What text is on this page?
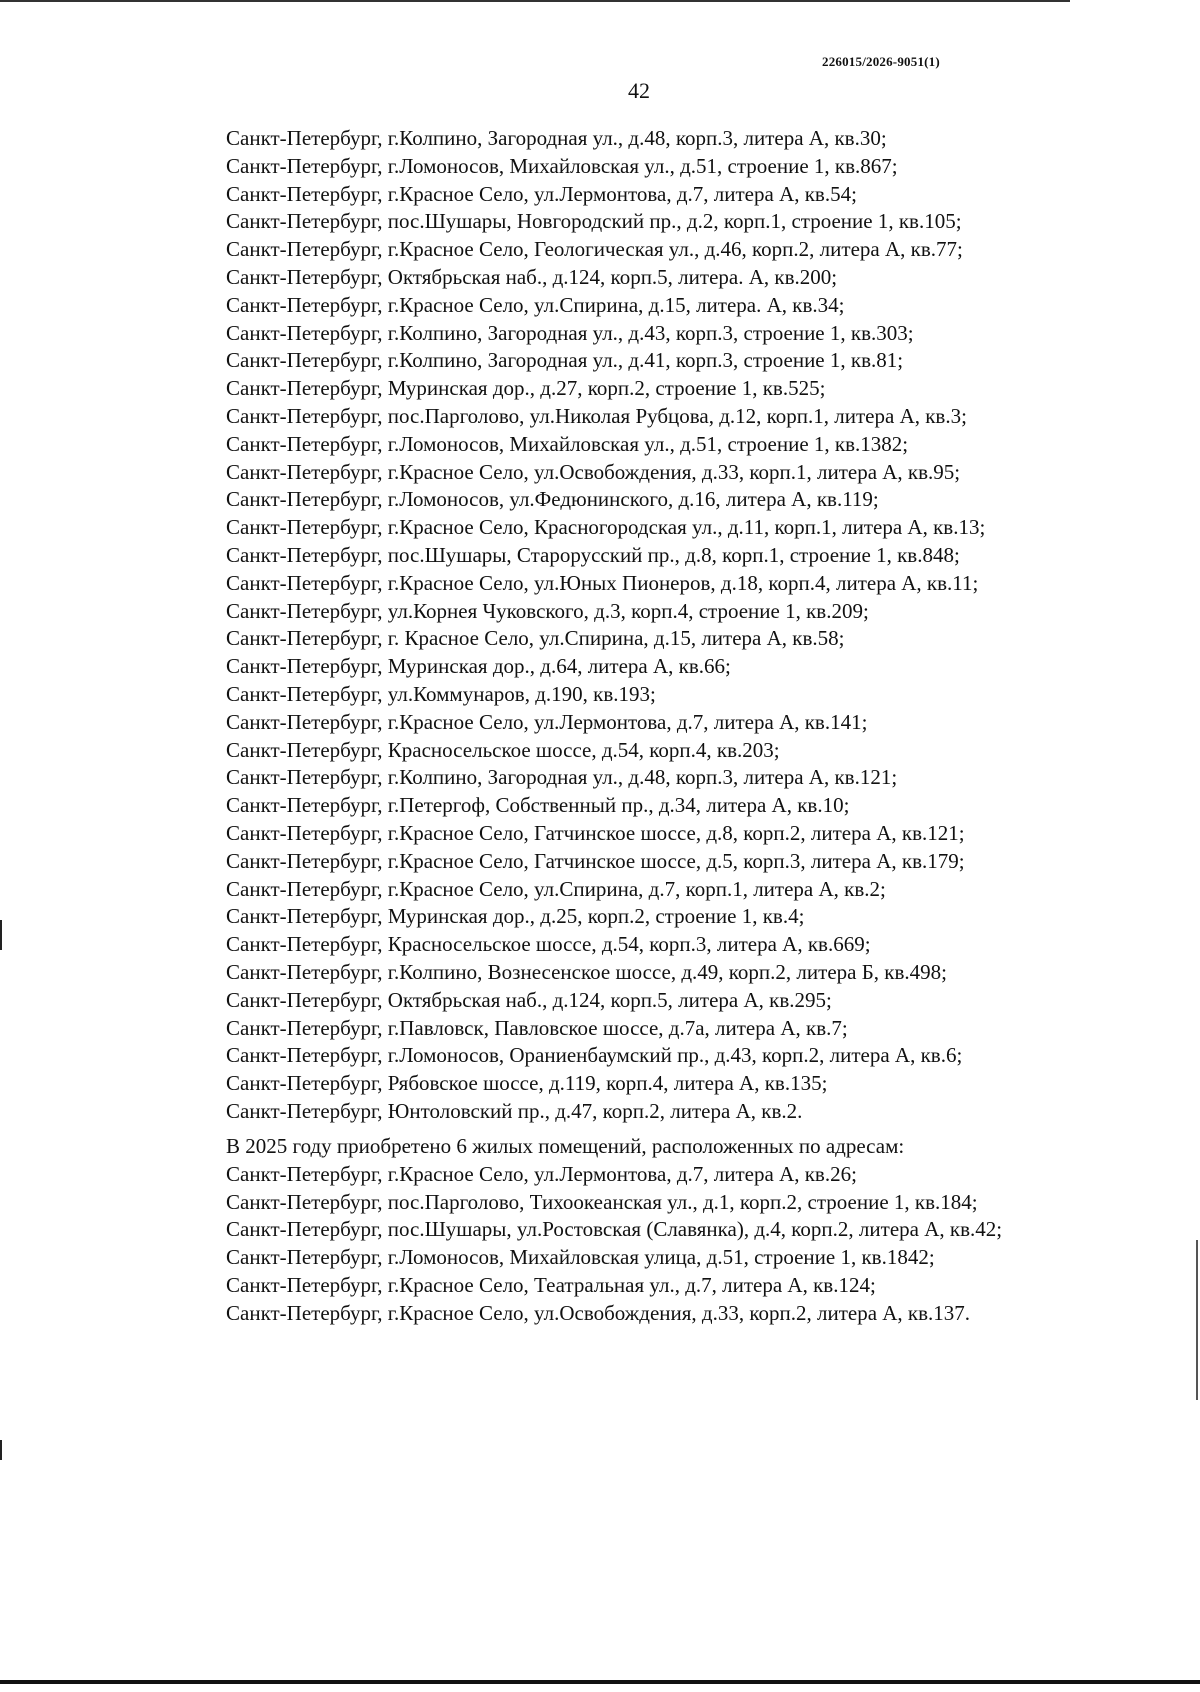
226015/2026-9051(1)
42
Санкт-Петербург, г.Колпино, Загородная ул., д.48, корп.3, литера А, кв.30;
Санкт-Петербург, г.Ломоносов, Михайловская ул., д.51, строение 1, кв.867;
Санкт-Петербург, г.Красное Село, ул.Лермонтова, д.7, литера А, кв.54;
Санкт-Петербург, пос.Шушары, Новгородский пр., д.2, корп.1, строение 1, кв.105;
Санкт-Петербург, г.Красное Село, Геологическая ул., д.46, корп.2, литера А, кв.77;
Санкт-Петербург, Октябрьская наб., д.124, корп.5, литера. А, кв.200;
Санкт-Петербург, г.Красное Село, ул.Спирина, д.15, литера. А, кв.34;
Санкт-Петербург, г.Колпино, Загородная ул., д.43, корп.3, строение 1, кв.303;
Санкт-Петербург, г.Колпино, Загородная ул., д.41, корп.3, строение 1, кв.81;
Санкт-Петербург, Муринская дор., д.27, корп.2, строение 1, кв.525;
Санкт-Петербург, пос.Парголово, ул.Николая Рубцова, д.12, корп.1, литера А, кв.3;
Санкт-Петербург, г.Ломоносов, Михайловская ул., д.51, строение 1, кв.1382;
Санкт-Петербург, г.Красное Село, ул.Освобождения, д.33, корп.1, литера А, кв.95;
Санкт-Петербург, г.Ломоносов, ул.Федюнинского, д.16, литера А, кв.119;
Санкт-Петербург, г.Красное Село, Красногородская ул., д.11, корп.1, литера А, кв.13;
Санкт-Петербург, пос.Шушары, Старорусский пр., д.8, корп.1, строение 1, кв.848;
Санкт-Петербург, г.Красное Село, ул.Юных Пионеров, д.18, корп.4, литера А, кв.11;
Санкт-Петербург, ул.Корнея Чуковского, д.3, корп.4, строение 1, кв.209;
Санкт-Петербург, г. Красное Село, ул.Спирина, д.15, литера А, кв.58;
Санкт-Петербург, Муринская дор., д.64, литера А, кв.66;
Санкт-Петербург, ул.Коммунаров, д.190, кв.193;
Санкт-Петербург, г.Красное Село, ул.Лермонтова, д.7, литера А, кв.141;
Санкт-Петербург, Красносельское шоссе, д.54, корп.4, кв.203;
Санкт-Петербург, г.Колпино, Загородная ул., д.48, корп.3, литера А, кв.121;
Санкт-Петербург, г.Петергоф, Собственный пр., д.34, литера А, кв.10;
Санкт-Петербург, г.Красное Село, Гатчинское шоссе, д.8, корп.2, литера А, кв.121;
Санкт-Петербург, г.Красное Село, Гатчинское шоссе, д.5, корп.3, литера А, кв.179;
Санкт-Петербург, г.Красное Село, ул.Спирина, д.7, корп.1, литера А, кв.2;
Санкт-Петербург, Муринская дор., д.25, корп.2, строение 1, кв.4;
Санкт-Петербург, Красносельское шоссе, д.54, корп.3, литера А, кв.669;
Санкт-Петербург, г.Колпино, Вознесенское шоссе, д.49, корп.2, литера Б, кв.498;
Санкт-Петербург, Октябрьская наб., д.124, корп.5, литера А, кв.295;
Санкт-Петербург, г.Павловск, Павловское шоссе, д.7а, литера А, кв.7;
Санкт-Петербург, г.Ломоносов, Ораниенбаумский пр., д.43, корп.2, литера А, кв.6;
Санкт-Петербург, Рябовское шоссе, д.119, корп.4, литера А, кв.135;
Санкт-Петербург, Юнтоловский пр., д.47, корп.2, литера А, кв.2.

В 2025 году приобретено 6 жилых помещений, расположенных по адресам:

Санкт-Петербург, г.Красное Село, ул.Лермонтова, д.7, литера А, кв.26;
Санкт-Петербург, пос.Парголово, Тихоокеанская ул., д.1, корп.2, строение 1, кв.184;
Санкт-Петербург, пос.Шушары, ул.Ростовская (Славянка), д.4, корп.2, литера А, кв.42;
Санкт-Петербург, г.Ломоносов, Михайловская улица, д.51, строение 1, кв.1842;
Санкт-Петербург, г.Красное Село, Театральная ул., д.7, литера А, кв.124;
Санкт-Петербург, г.Красное Село, ул.Освобождения, д.33, корп.2, литера А, кв.137.
